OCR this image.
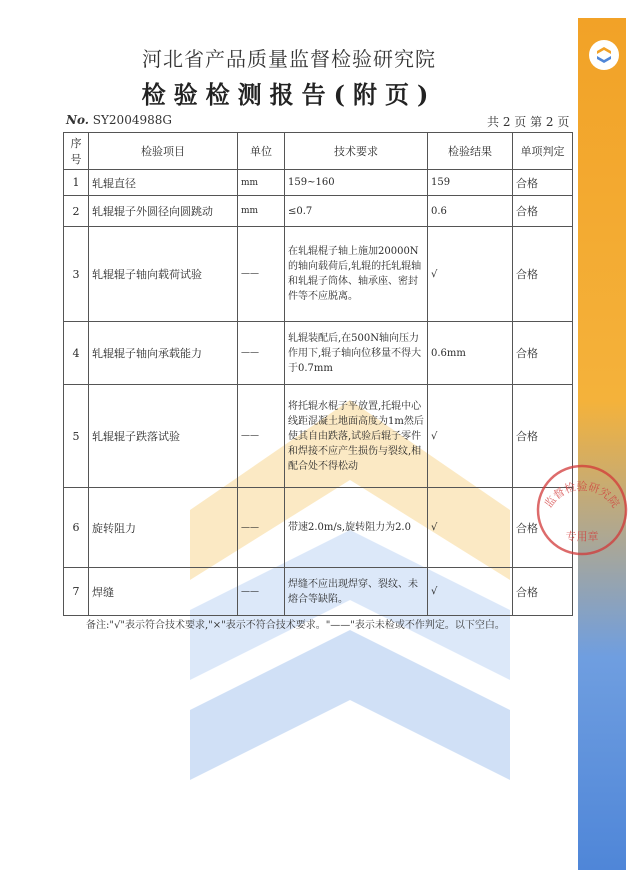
河北省产品质量监督检验研究院
检验检测报告(附页)
No. SY2004988G	共 2 页 第 2 页
序号	检验项目	单位	技术要求	检验结果	单项判定
1	轧辊直径	mm	159~160	159	合格
2	轧辊辊子外圆径向圆跳动	mm	≤0.7	0.6	合格
3	轧辊辊子轴向载荷试验	——	在轧辊棍子轴上施加20000N的轴向载荷后,轧辊的托轧辊轴和轧辊子筒体、轴承座、密封件等不应脱离。	√	合格
4	轧辊辊子轴向承载能力	——	轧辊装配后,在500N轴向压力作用下,辊子轴向位移量不得大于0.7mm	0.6mm	合格
5	轧辊辊子跌落试验	——	将托辊水棍子平放置,托辊中心线距混凝土地面高度为1m然后使其自由跌落,试验后辊子零件和焊接不应产生损伤与裂纹,相配合处不得松动	√	合格
6	旋转阻力	——	带速2.0m/s,旋转阻力为2.0	√	合格
7	焊缝	——	焊缝不应出现焊穿、裂纹、未熔合等缺陷。	√	合格
备注:"√"表示符合技术要求,"×"表示不符合技术要求。"——"表示未检或不作判定。以下空白。
监督检验研究院
专用章
